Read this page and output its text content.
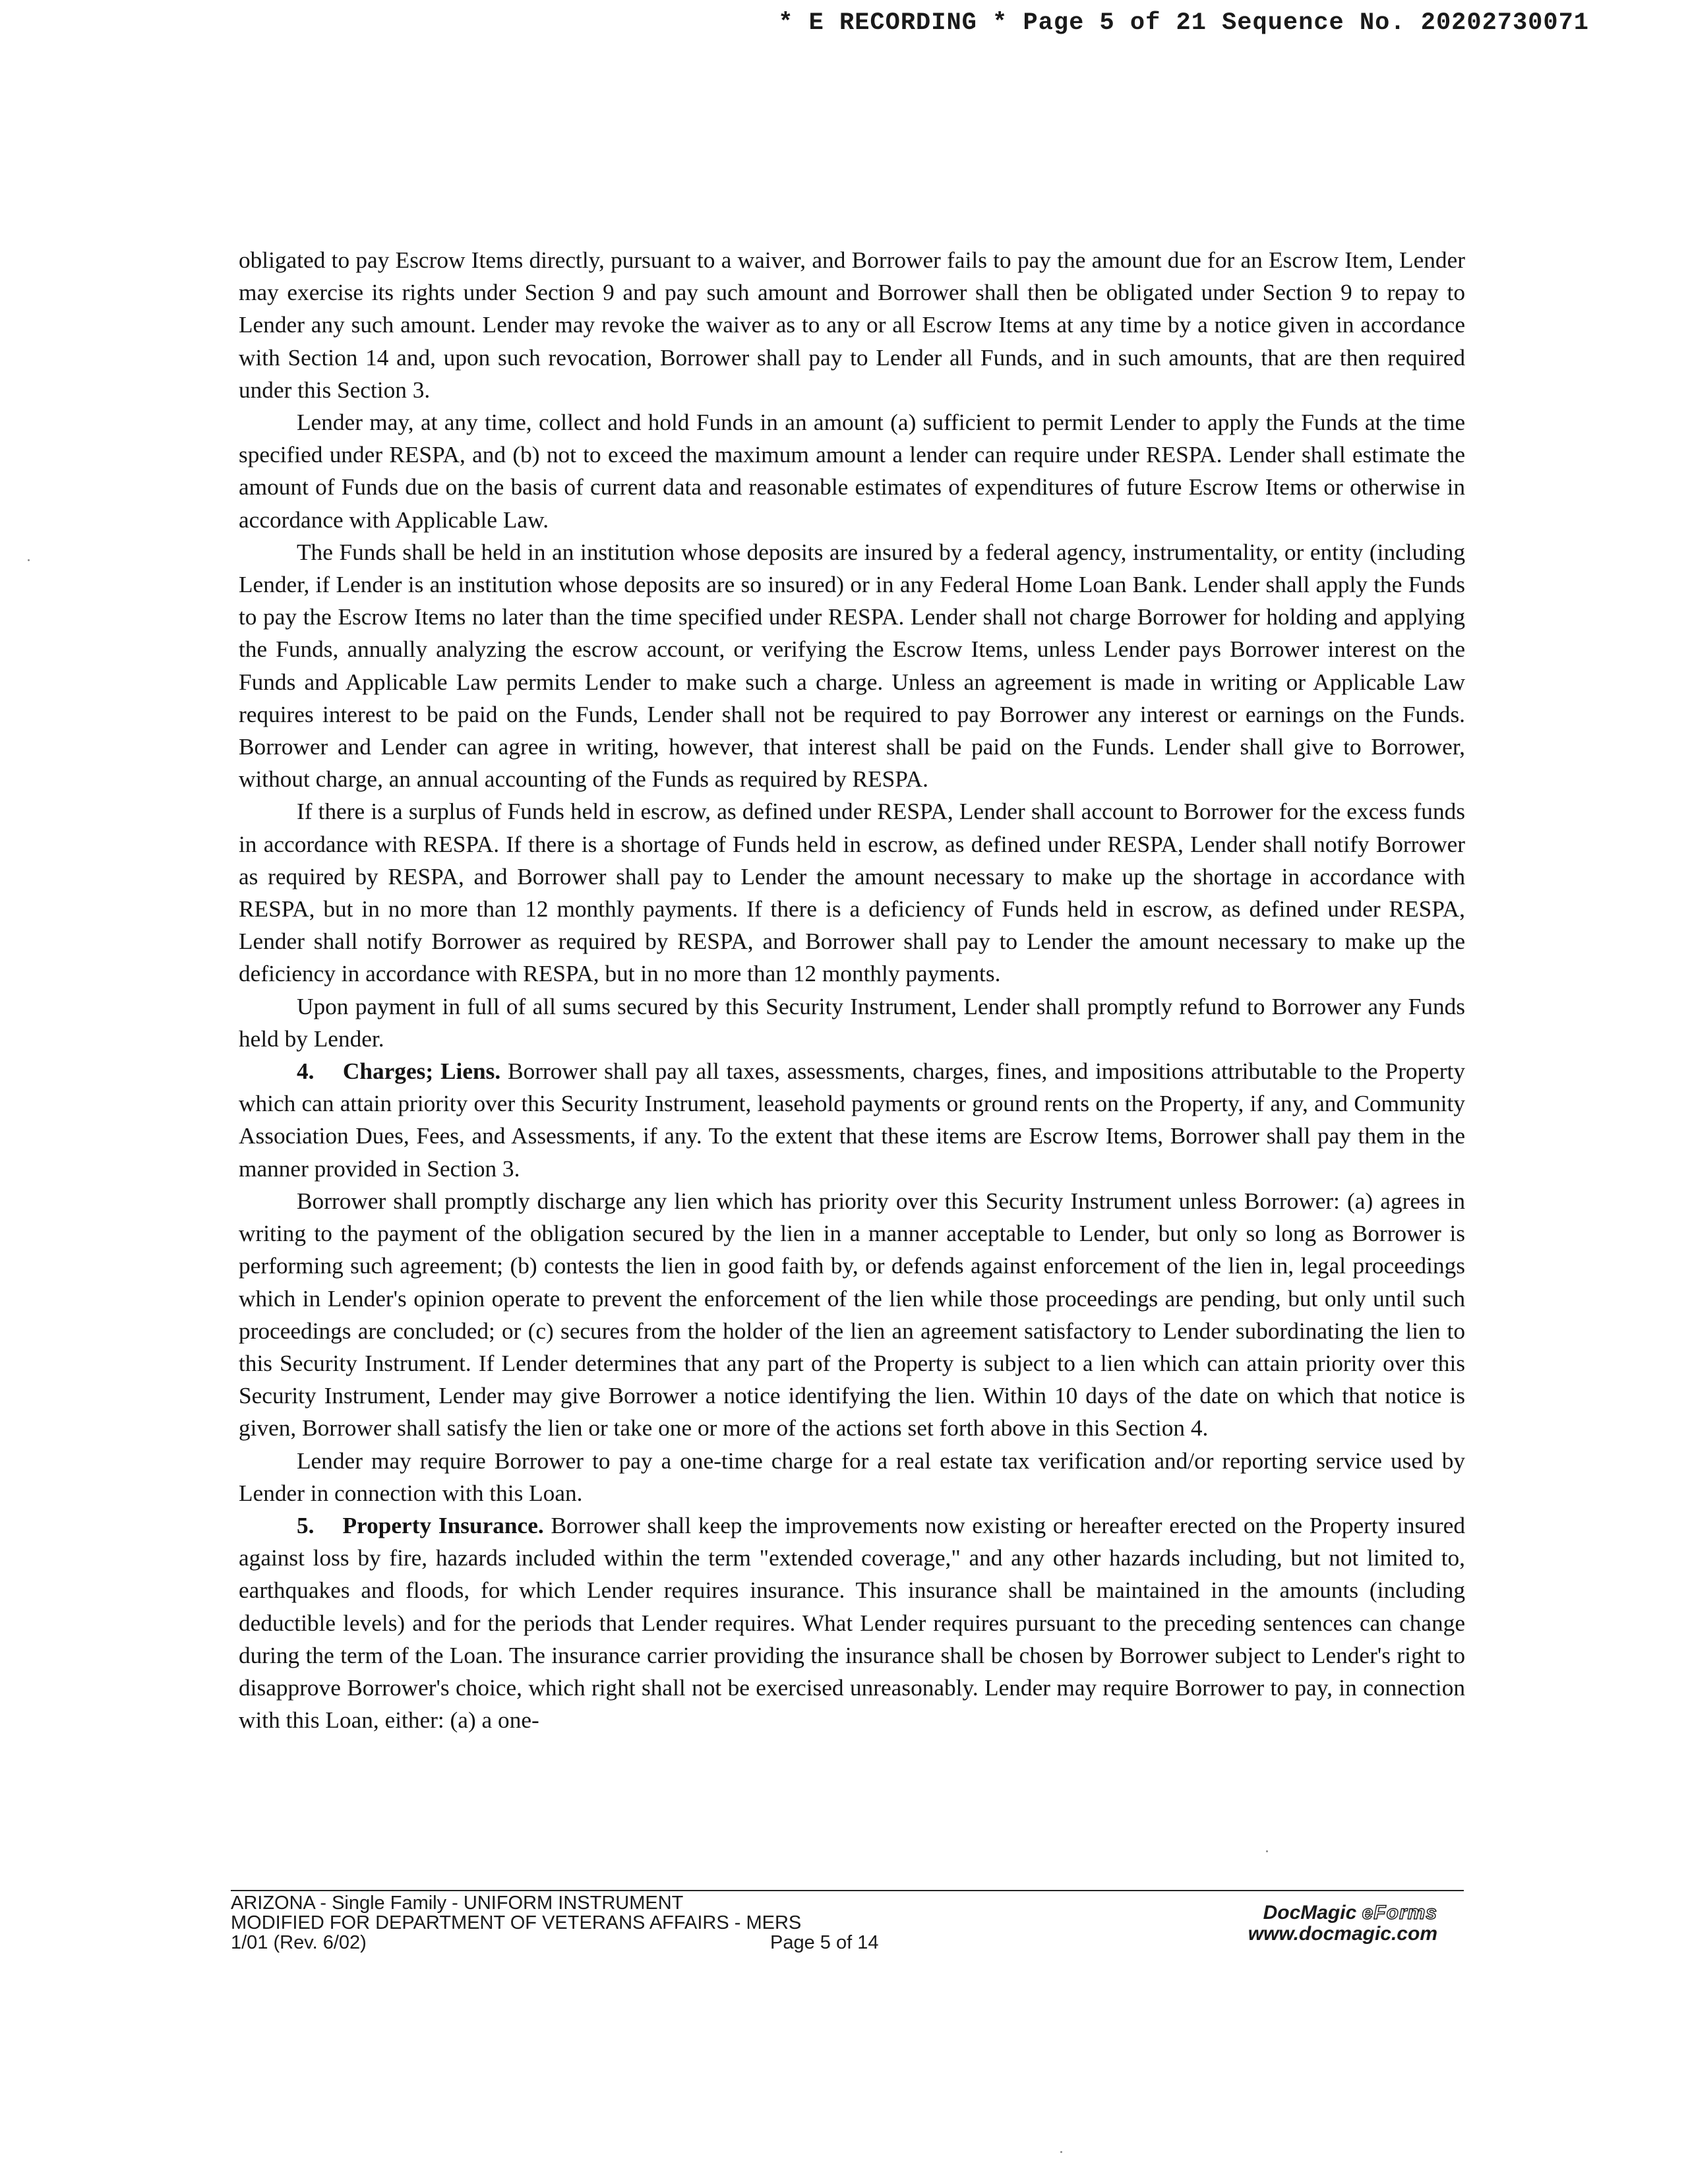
* E RECORDING * Page 5 of 21 Sequence No. 20202730071

obligated to pay Escrow Items directly, pursuant to a waiver, and Borrower fails to pay the amount due for an Escrow Item, Lender may exercise its rights under Section 9 and pay such amount and Borrower shall then be obligated under Section 9 to repay to Lender any such amount. Lender may revoke the waiver as to any or all Escrow Items at any time by a notice given in accordance with Section 14 and, upon such revocation, Borrower shall pay to Lender all Funds, and in such amounts, that are then required under this Section 3.

Lender may, at any time, collect and hold Funds in an amount (a) sufficient to permit Lender to apply the Funds at the time specified under RESPA, and (b) not to exceed the maximum amount a lender can require under RESPA. Lender shall estimate the amount of Funds due on the basis of current data and reasonable estimates of expenditures of future Escrow Items or otherwise in accordance with Applicable Law.

The Funds shall be held in an institution whose deposits are insured by a federal agency, instrumentality, or entity (including Lender, if Lender is an institution whose deposits are so insured) or in any Federal Home Loan Bank. Lender shall apply the Funds to pay the Escrow Items no later than the time specified under RESPA. Lender shall not charge Borrower for holding and applying the Funds, annually analyzing the escrow account, or verifying the Escrow Items, unless Lender pays Borrower interest on the Funds and Applicable Law permits Lender to make such a charge. Unless an agreement is made in writing or Applicable Law requires interest to be paid on the Funds, Lender shall not be required to pay Borrower any interest or earnings on the Funds. Borrower and Lender can agree in writing, however, that interest shall be paid on the Funds. Lender shall give to Borrower, without charge, an annual accounting of the Funds as required by RESPA.

If there is a surplus of Funds held in escrow, as defined under RESPA, Lender shall account to Borrower for the excess funds in accordance with RESPA. If there is a shortage of Funds held in escrow, as defined under RESPA, Lender shall notify Borrower as required by RESPA, and Borrower shall pay to Lender the amount necessary to make up the shortage in accordance with RESPA, but in no more than 12 monthly payments. If there is a deficiency of Funds held in escrow, as defined under RESPA, Lender shall notify Borrower as required by RESPA, and Borrower shall pay to Lender the amount necessary to make up the deficiency in accordance with RESPA, but in no more than 12 monthly payments.

Upon payment in full of all sums secured by this Security Instrument, Lender shall promptly refund to Borrower any Funds held by Lender.

4.    Charges; Liens. Borrower shall pay all taxes, assessments, charges, fines, and impositions attributable to the Property which can attain priority over this Security Instrument, leasehold payments or ground rents on the Property, if any, and Community Association Dues, Fees, and Assessments, if any. To the extent that these items are Escrow Items, Borrower shall pay them in the manner provided in Section 3.

Borrower shall promptly discharge any lien which has priority over this Security Instrument unless Borrower: (a) agrees in writing to the payment of the obligation secured by the lien in a manner acceptable to Lender, but only so long as Borrower is performing such agreement; (b) contests the lien in good faith by, or defends against enforcement of the lien in, legal proceedings which in Lender's opinion operate to prevent the enforcement of the lien while those proceedings are pending, but only until such proceedings are concluded; or (c) secures from the holder of the lien an agreement satisfactory to Lender subordinating the lien to this Security Instrument. If Lender determines that any part of the Property is subject to a lien which can attain priority over this Security Instrument, Lender may give Borrower a notice identifying the lien. Within 10 days of the date on which that notice is given, Borrower shall satisfy the lien or take one or more of the actions set forth above in this Section 4.

Lender may require Borrower to pay a one-time charge for a real estate tax verification and/or reporting service used by Lender in connection with this Loan.

5.    Property Insurance. Borrower shall keep the improvements now existing or hereafter erected on the Property insured against loss by fire, hazards included within the term "extended coverage," and any other hazards including, but not limited to, earthquakes and floods, for which Lender requires insurance. This insurance shall be maintained in the amounts (including deductible levels) and for the periods that Lender requires. What Lender requires pursuant to the preceding sentences can change during the term of the Loan. The insurance carrier providing the insurance shall be chosen by Borrower subject to Lender's right to disapprove Borrower's choice, which right shall not be exercised unreasonably. Lender may require Borrower to pay, in connection with this Loan, either: (a) a one-

ARIZONA - Single Family - UNIFORM INSTRUMENT
MODIFIED FOR DEPARTMENT OF VETERANS AFFAIRS - MERS
1/01 (Rev. 6/02)	Page 5 of 14
DocMagic eForms
www.docmagic.com
